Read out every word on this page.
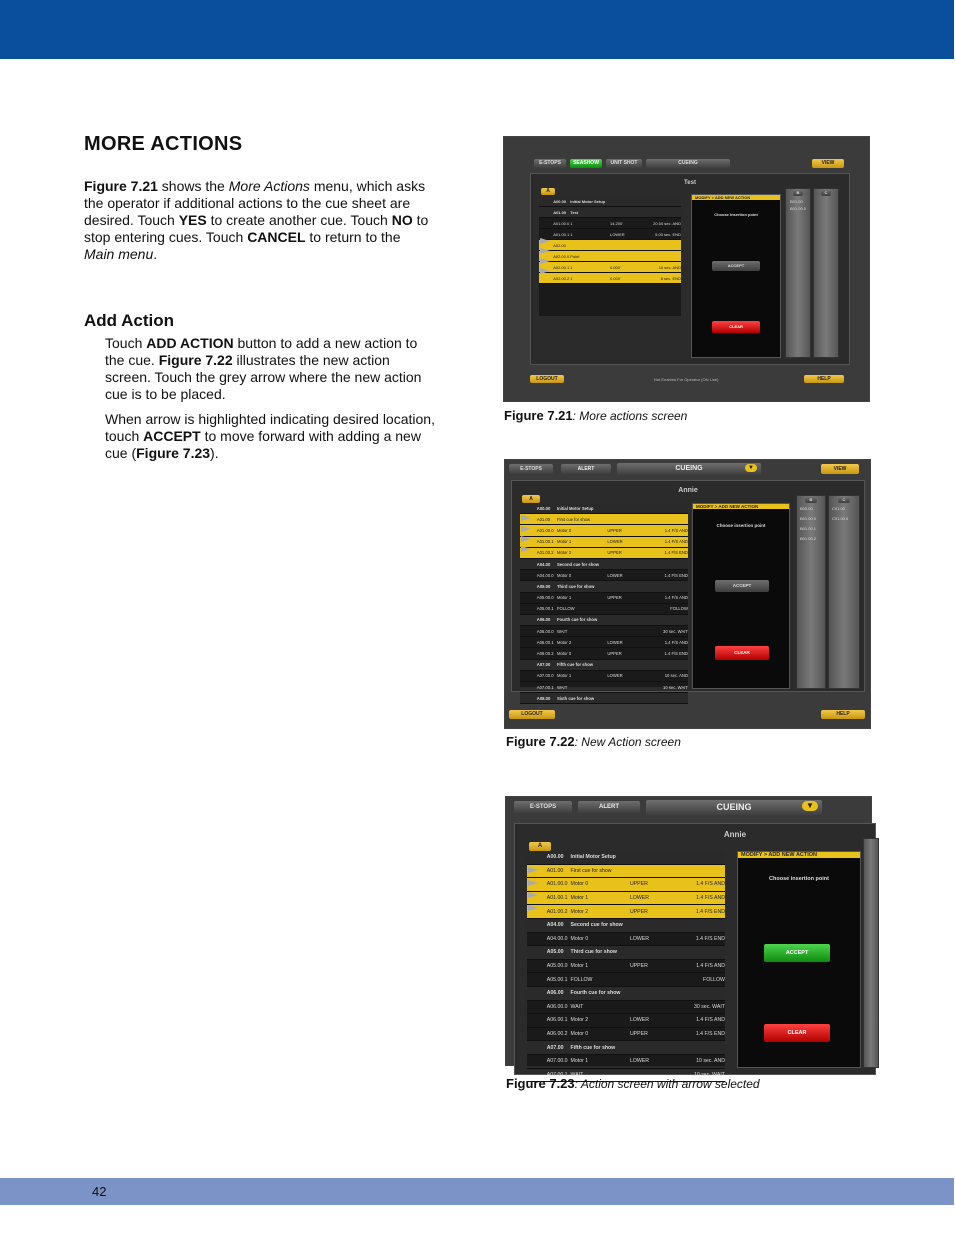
MORE ACTIONS

Figure 7.21 shows the More Actions menu, which asks the operator if additional actions to the cue sheet are desired. Touch YES to create another cue. Touch NO to stop entering cues. Touch CANCEL to return to the Main menu.

Add Action

Touch ADD ACTION button to add a new action to the cue. Figure 7.22 illustrates the new action screen. Touch the grey arrow where the new action cue is to be placed.

When arrow is highlighted indicating desired location, touch ACCEPT to move forward with adding a new cue (Figure 7.23).

E-STOPS	SEASHOW	UNIT SHOT	CUEING	VIEW
Test
A
A00.00	Initial Motor Setup
A01.00	Test
A01.00.0 1	14.200'	20.00 sec. AND
A01.00.1 1	LOWER	5.00 sec. END
A02.00
A02.00.0 Point
A02.00.1 1	0.000'	10 sec. AND
A02.00.2 1	0.000'	8 sec. END
MODIFY > ADD NEW ACTION
Choose insertion point
ACCEPT
CLEAR
B
B01.00
B01.00.0
C
LOGOUT	Not Enabled For Operator (ON Line)	HELP
Figure 7.21: More actions screen
E-STOPS	ALERT	CUEING	▼	VIEW
Annie
A
A00.00	Initial Motor Setup
A01.00	First cue for show
A01.00.0 Motor 0	UPPER	1.4 F/S AND
A01.00.1 Motor 1	LOWER	1.4 F/S AND
A01.00.2 Motor 2	UPPER	1.4 F/S END
A04.00	Second cue for show
A04.00.0 Motor 0	LOWER	1.4 F/S END
A05.00	Third cue for show
A05.00.0 Motor 1	UPPER	1.4 F/S AND
A05.00.1 FOLLOW	FOLLOW
A06.00	Fourth cue for show
A06.00.0 WAIT	30 sec. WAIT
A06.00.1 Motor 2	LOWER	1.4 F/S AND
A06.00.2 Motor 0	UPPER	1.4 F/S END
A07.00	Fifth cue for show
A07.00.0 Motor 1	LOWER	10 sec. AND
A07.00.1 WAIT	10 sec. WAIT
A08.00	Sixth cue for show
MODIFY > ADD NEW ACTION
Choose insertion point
ACCEPT
CLEAR
B
B00.00
B01.00.0
B01.00.1
B01.00.2
C
C01.00
C01.00.0
LOGOUT	HELP
Figure 7.22: New Action screen
E-STOPS	ALERT	CUEING	▼
Annie
A
A00.00	Initial Motor Setup
A01.00	First cue for show
A01.00.0 Motor 0	UPPER	1.4 F/S AND
A01.00.1 Motor 1	LOWER	1.4 F/S AND
A01.00.2 Motor 2	UPPER	1.4 F/S END
A04.00	Second cue for show
A04.00.0 Motor 0	LOWER	1.4 F/S END
A05.00	Third cue for show
A05.00.0 Motor 1	UPPER	1.4 F/S AND
A05.00.1 FOLLOW	FOLLOW
A06.00	Fourth cue for show
A06.00.0 WAIT	30 sec. WAIT
A06.00.1 Motor 2	LOWER	1.4 F/S AND
A06.00.2 Motor 0	UPPER	1.4 F/S END
A07.00	Fifth cue for show
A07.00.0 Motor 1	LOWER	10 sec. AND
A07.00.1 WAIT	10 sec. WAIT
MODIFY > ADD NEW ACTION
Choose insertion point
ACCEPT
CLEAR
Figure 7.23: Action screen with arrow selected
42
